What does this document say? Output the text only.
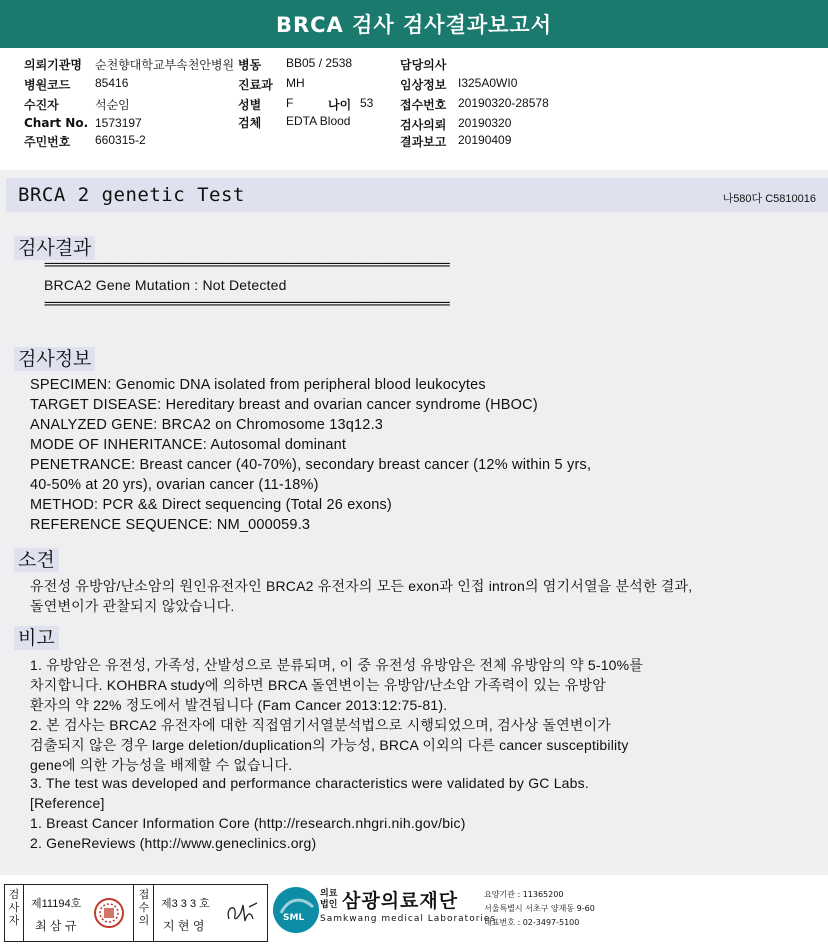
BRCA 검사 검사결과보고서
의뢰기관명 순천향대학교부속천안병원 병동 BB05 / 2538	담당의사
병원코드 85416	진료과 MH	임상정보 I325A0WI0
수진자	석순임	성별 F	나이 53 접수번호 20190320-28578
Chart No. 1573197	검체 EDTA Blood	검사의뢰 20190320
주민번호 660315-2	결과보고 20190409
BRCA 2 genetic Test	나580다 C5810016
검사결과
================================================================
BRCA2 Gene Mutation : Not Detected
================================================================
검사정보
SPECIMEN: Genomic DNA isolated from peripheral blood leukocytes
TARGET DISEASE: Hereditary breast and ovarian cancer syndrome (HBOC)
ANALYZED GENE: BRCA2 on Chromosome 13q12.3
MODE OF INHERITANCE: Autosomal dominant
PENETRANCE: Breast cancer (40-70%), secondary breast cancer (12% within 5 yrs,
40-50% at 20 yrs), ovarian cancer (11-18%)
METHOD: PCR && Direct sequencing (Total 26 exons)
REFERENCE SEQUENCE: NM_000059.3
소견
유전성 유방암/난소암의 원인유전자인 BRCA2 유전자의 모든 exon과 인접 intron의 염기서열을 분석한 결과,
돌연변이가 관찰되지 않았습니다.
비고
1. 유방암은 유전성, 가족성, 산발성으로 분류되며, 이 중 유전성 유방암은 전체 유방암의 약 5-10%를
차지합니다. KOHBRA study에 의하면 BRCA 돌연변이는 유방암/난소암 가족력이 있는 유방암
환자의 약 22% 정도에서 발견됩니다 (Fam Cancer 2013:12:75-81).
2. 본 검사는 BRCA2 유전자에 대한 직접염기서열분석법으로 시행되었으며, 검사상 돌연변이가
검출되지 않은 경우 large deletion/duplication의 가능성, BRCA 이외의 다른 cancer susceptibility
gene에 의한 가능성을 배제할 수 없습니다.
3. The test was developed and performance characteristics were validated by GC Labs.
[Reference]
1. Breast Cancer Information Core (http://research.nhgri.nih.gov/bic)
2. GeneReviews (http://www.geneclinics.org)
검사자
제11194호
최 삼 규
접수의
제3 3 3 호
지 현 영
SML
의료
법인 삼광의료재단
Samkwang medical Laboratories
요양기관 : 11365200
서울특별시 서초구 양재동 9-60
대표번호 : 02-3497-5100
